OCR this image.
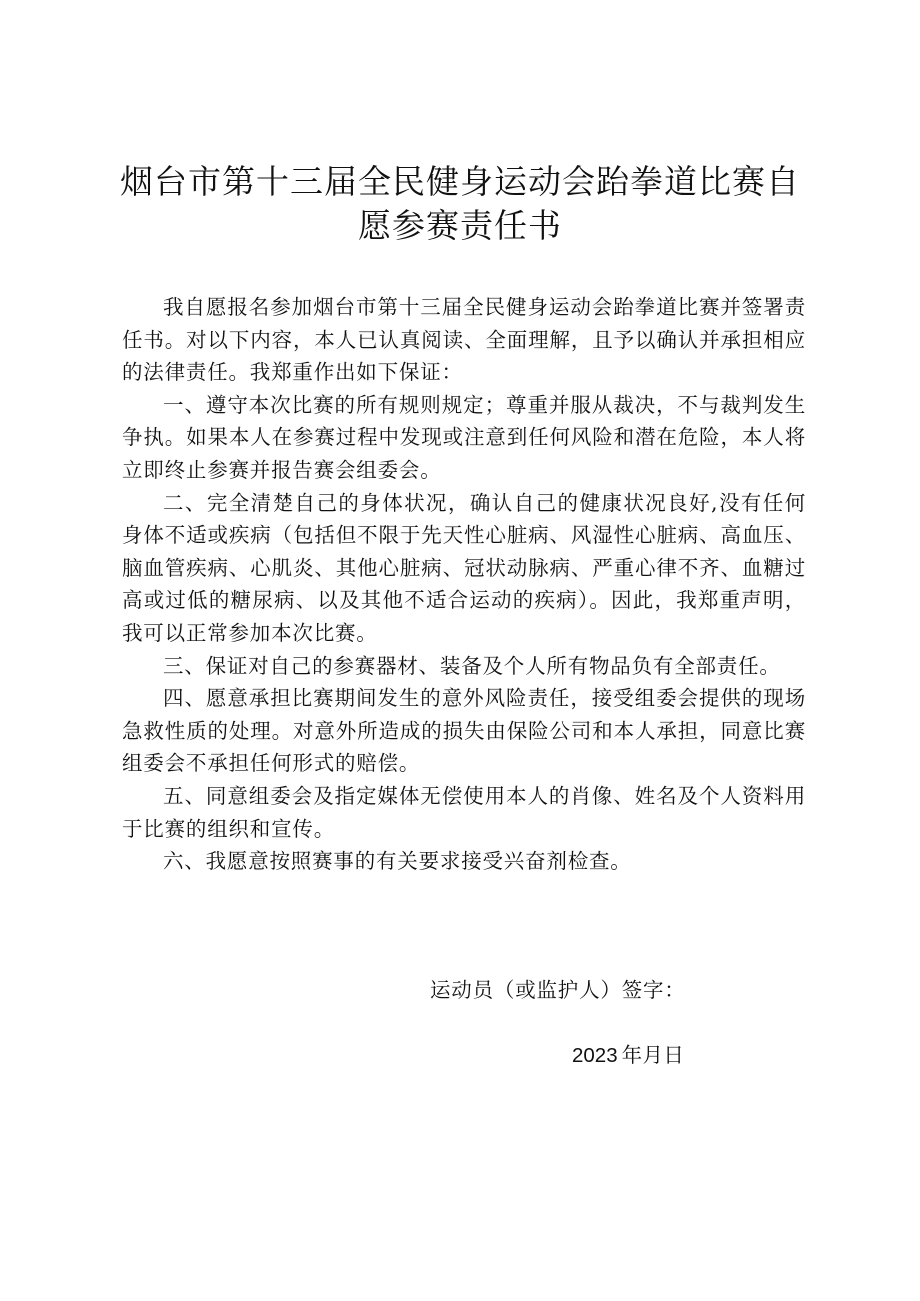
烟台市第十三届全民健身运动会跆拳道比赛自愿参赛责任书

我自愿报名参加烟台市第十三届全民健身运动会跆拳道比赛并签署责任书。对以下内容，本人已认真阅读、全面理解，且予以确认并承担相应的法律责任。我郑重作出如下保证：

一、遵守本次比赛的所有规则规定；尊重并服从裁决，不与裁判发生争执。如果本人在参赛过程中发现或注意到任何风险和潜在危险，本人将立即终止参赛并报告赛会组委会。

二、完全清楚自己的身体状况，确认自己的健康状况良好,没有任何身体不适或疾病（包括但不限于先天性心脏病、风湿性心脏病、高血压、脑血管疾病、心肌炎、其他心脏病、冠状动脉病、严重心律不齐、血糖过高或过低的糖尿病、以及其他不适合运动的疾病）。因此，我郑重声明，我可以正常参加本次比赛。

三、保证对自己的参赛器材、装备及个人所有物品负有全部责任。

四、愿意承担比赛期间发生的意外风险责任，接受组委会提供的现场急救性质的处理。对意外所造成的损失由保险公司和本人承担，同意比赛组委会不承担任何形式的赔偿。

五、同意组委会及指定媒体无偿使用本人的肖像、姓名及个人资料用于比赛的组织和宣传。

六、我愿意按照赛事的有关要求接受兴奋剂检查。

运动员（或监护人）签字：
2023 年月日
